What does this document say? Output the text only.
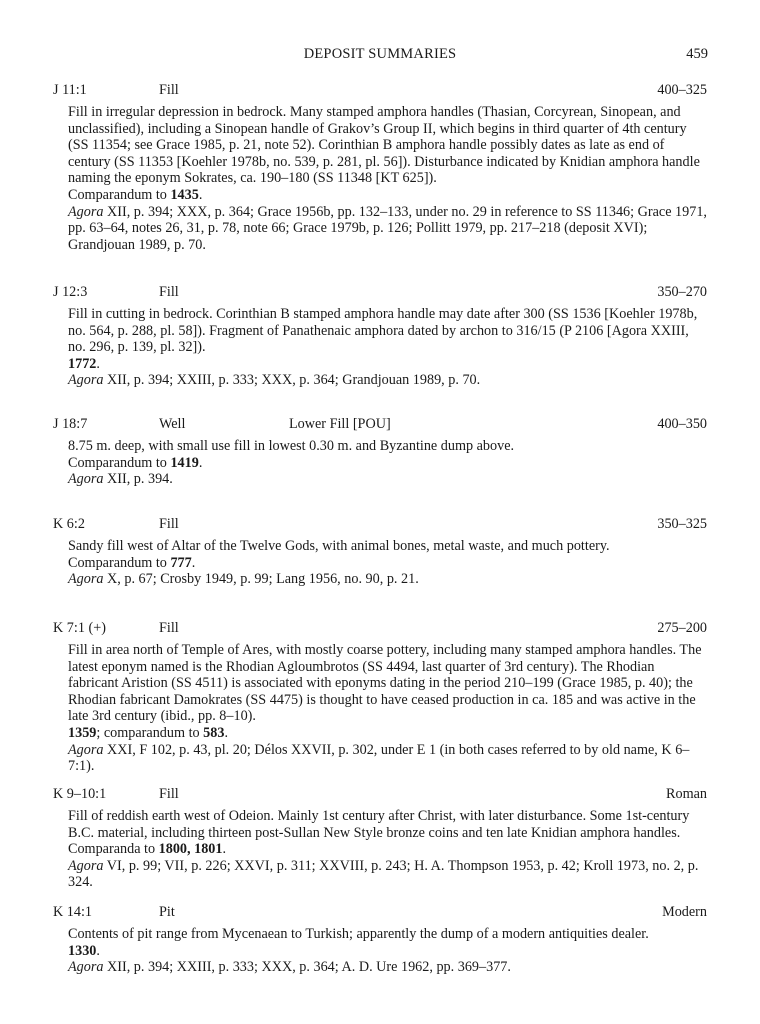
DEPOSIT SUMMARIES	459
J 11:1	Fill	400–325

Fill in irregular depression in bedrock. Many stamped amphora handles (Thasian, Corcyrean, Sinopean, and unclassified), including a Sinopean handle of Grakov’s Group II, which begins in third quarter of 4th century (SS 11354; see Grace 1985, p. 21, note 52). Corinthian B amphora handle possibly dates as late as end of century (SS 11353 [Koehler 1978b, no. 539, p. 281, pl. 56]). Disturbance indicated by Knidian amphora handle naming the eponym Sokrates, ca. 190–180 (SS 11348 [KT 625]).

Comparandum to 1435.

Agora XII, p. 394; XXX, p. 364; Grace 1956b, pp. 132–133, under no. 29 in reference to SS 11346; Grace 1971, pp. 63–64, notes 26, 31, p. 78, note 66; Grace 1979b, p. 126; Pollitt 1979, pp. 217–218 (deposit XVI); Grandjouan 1989, p. 70.

J 12:3	Fill	350–270

Fill in cutting in bedrock. Corinthian B stamped amphora handle may date after 300 (SS 1536 [Koehler 1978b, no. 564, p. 288, pl. 58]). Fragment of Panathenaic amphora dated by archon to 316/15 (P 2106 [Agora XXIII, no. 296, p. 139, pl. 32]).

1772.

Agora XII, p. 394; XXIII, p. 333; XXX, p. 364; Grandjouan 1989, p. 70.

J 18:7	Well	Lower Fill [POU]	400–350

8.75 m. deep, with small use fill in lowest 0.30 m. and Byzantine dump above.

Comparandum to 1419.

Agora XII, p. 394.

K 6:2	Fill	350–325

Sandy fill west of Altar of the Twelve Gods, with animal bones, metal waste, and much pottery.

Comparandum to 777.

Agora X, p. 67; Crosby 1949, p. 99; Lang 1956, no. 90, p. 21.

K 7:1 (+)	Fill	275–200

Fill in area north of Temple of Ares, with mostly coarse pottery, including many stamped amphora handles. The latest eponym named is the Rhodian Agloumbrotos (SS 4494, last quarter of 3rd century). The Rhodian fabricant Aristion (SS 4511) is associated with eponyms dating in the period 210–199 (Grace 1985, p. 40); the Rhodian fabricant Damokrates (SS 4475) is thought to have ceased production in ca. 185 and was active in the late 3rd century (ibid., pp. 8–10).

1359; comparandum to 583.

Agora XXI, F 102, p. 43, pl. 20; Délos XXVII, p. 302, under E 1 (in both cases referred to by old name, K 6–7:1).

K 9–10:1	Fill	Roman

Fill of reddish earth west of Odeion. Mainly 1st century after Christ, with later disturbance. Some 1st-century B.C. material, including thirteen post-Sullan New Style bronze coins and ten late Knidian amphora handles.

Comparanda to 1800, 1801.

Agora VI, p. 99; VII, p. 226; XXVI, p. 311; XXVIII, p. 243; H. A. Thompson 1953, p. 42; Kroll 1973, no. 2, p. 324.

K 14:1	Pit	Modern

Contents of pit range from Mycenaean to Turkish; apparently the dump of a modern antiquities dealer.

1330.

Agora XII, p. 394; XXIII, p. 333; XXX, p. 364; A. D. Ure 1962, pp. 369–377.
